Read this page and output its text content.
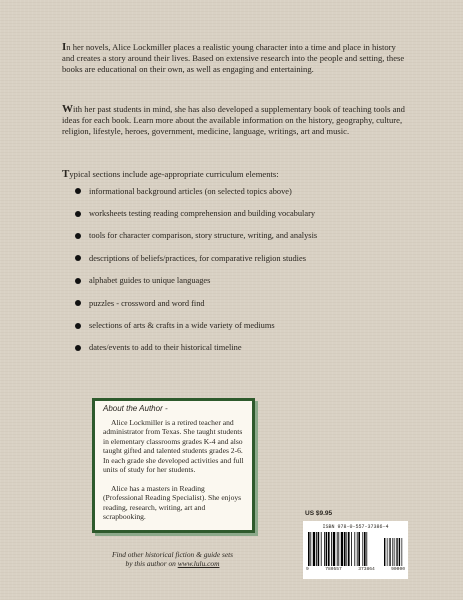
In her novels, Alice Lockmiller places a realistic young character into a time and place in history and creates a story around their lives. Based on extensive research into the people and setting, these books are educational on their own, as well as engaging and entertaining.
With her past students in mind, she has also developed a supplementary book of teaching tools and ideas for each book. Learn more about the available information on the history, geography, culture, religion, lifestyle, heroes, government, medicine, language, writings, art and music.
Typical sections include age-appropriate curriculum elements:
informational background articles (on selected topics above)
worksheets testing reading comprehension and building vocabulary
tools for character comparison, story structure, writing, and analysis
descriptions of beliefs/practices, for comparative religion studies
alphabet guides to unique languages
puzzles - crossword and word find
selections of arts & crafts in a wide variety of mediums
dates/events to add to their historical timeline
About the Author -

Alice Lockmiller is a retired teacher and administrator from Texas. She taught students in elementary classrooms grades K-4 and also taught gifted and talented students grades 2-6. In each grade she developed activities and full units of study for her students.

Alice has a masters in Reading (Professional Reading Specialist). She enjoys reading, research, writing, art and scrapbooking.

Find other historical fiction & guide sets
by this author on www.lulu.com
US $9.95
ISBN 978-0-557-37386-4
9	780557	373864	90000
